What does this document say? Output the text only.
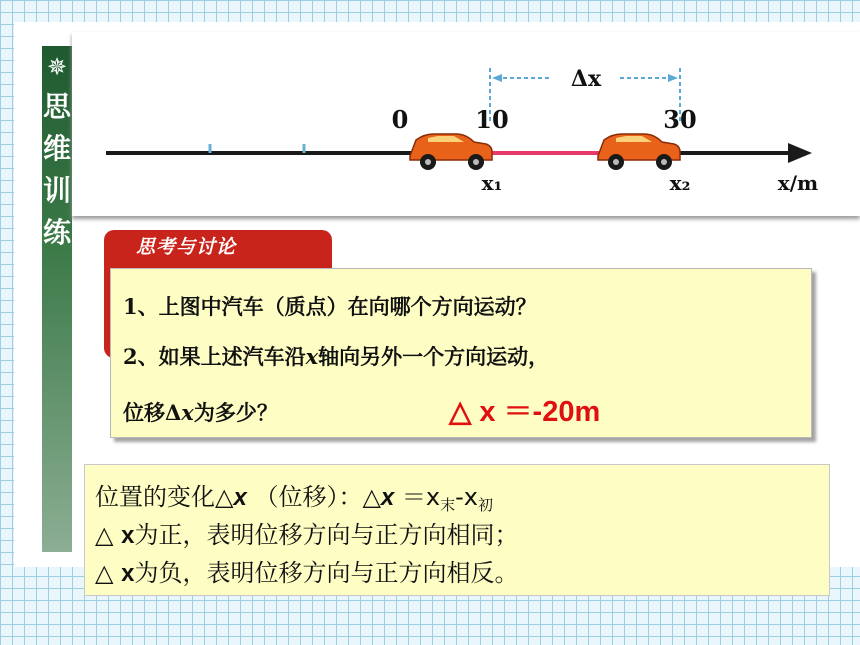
✵
思
维
训
练
Δx
0	10	30
x₁	x₂	x/m
思考与讨论
1、上图中汽车（质点）在向哪个方向运动？
2、如果上述汽车沿x轴向另外一个方向运动，
位移Δx为多少？	△ x ＝-20m
位置的变化△x （位移）：△x $=x_末-x_初$
△ x为正，表明位移方向与正方向相同；
△ x为负，表明位移方向与正方向相反。
